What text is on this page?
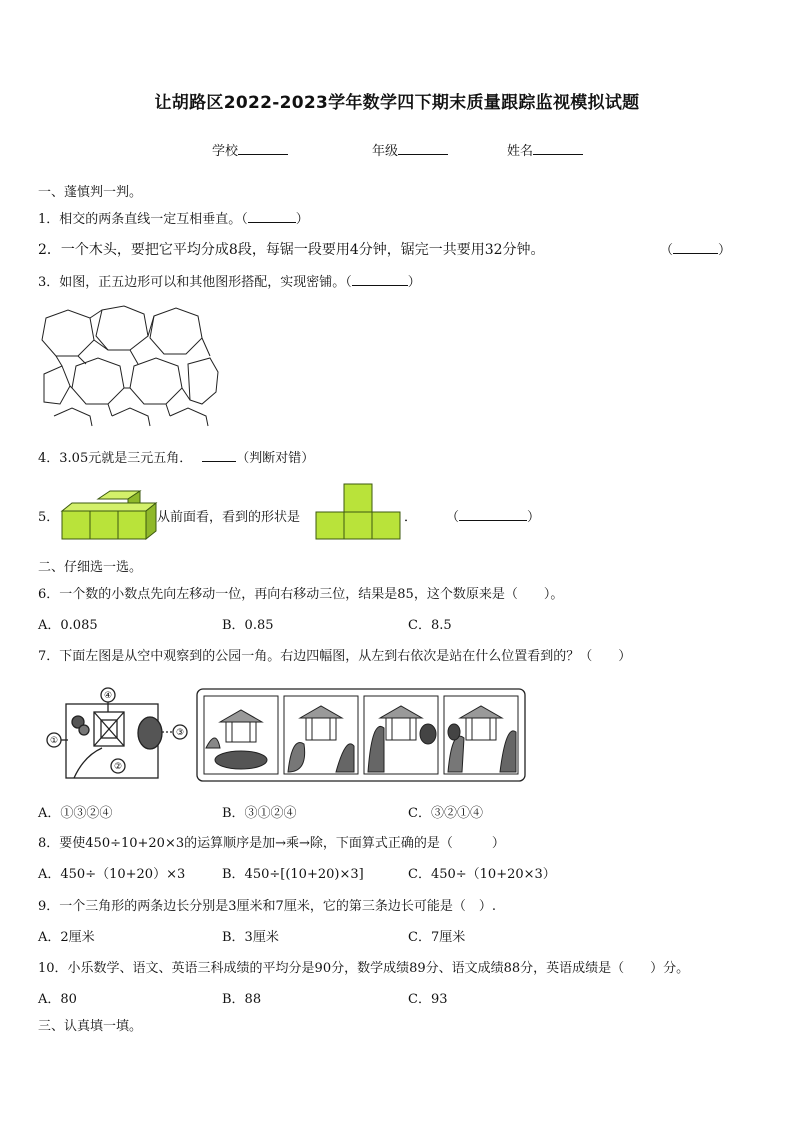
让胡路区2022-2023学年数学四下期末质量跟踪监视模拟试题
学校	年级	姓名
一、蓬慎判一判。
1．相交的两条直线一定互相垂直。（	）
2．一个木头，要把它平均分成8段，每锯一段要用4分钟，锯完一共要用32分钟。	（	）
3．如图，正五边形可以和其他图形搭配，实现密铺。（	）
4．3.05元就是三元五角．	（判断对错）
5．	从前面看，看到的形状是	． （	）
二、仔细选一选。
6．一个数的小数点先向左移动一位，再向右移动三位，结果是85，这个数原来是（　　）。
A．0.085	B．0.85	C．8.5
7．下面左图是从空中观察到的公园一角。右边四幅图，从左到右依次是站在什么位置看到的？（　　）
④
①
②
③
A．①③②④	B．③①②④	C．③②①④
8．要使450÷10+20×3的运算顺序是加→乘→除，下面算式正确的是（　　　）
A．450÷（10+20）×3	B．450÷[(10+20)×3]	C．450÷（10+20×3）
9．一个三角形的两条边长分别是3厘米和7厘米，它的第三条边长可能是（　）.
A．2厘米	B．3厘米	C．7厘米
10．小乐数学、语文、英语三科成绩的平均分是90分，数学成绩89分、语文成绩88分，英语成绩是（　　）分。
A．80	B．88	C．93
三、认真填一填。
